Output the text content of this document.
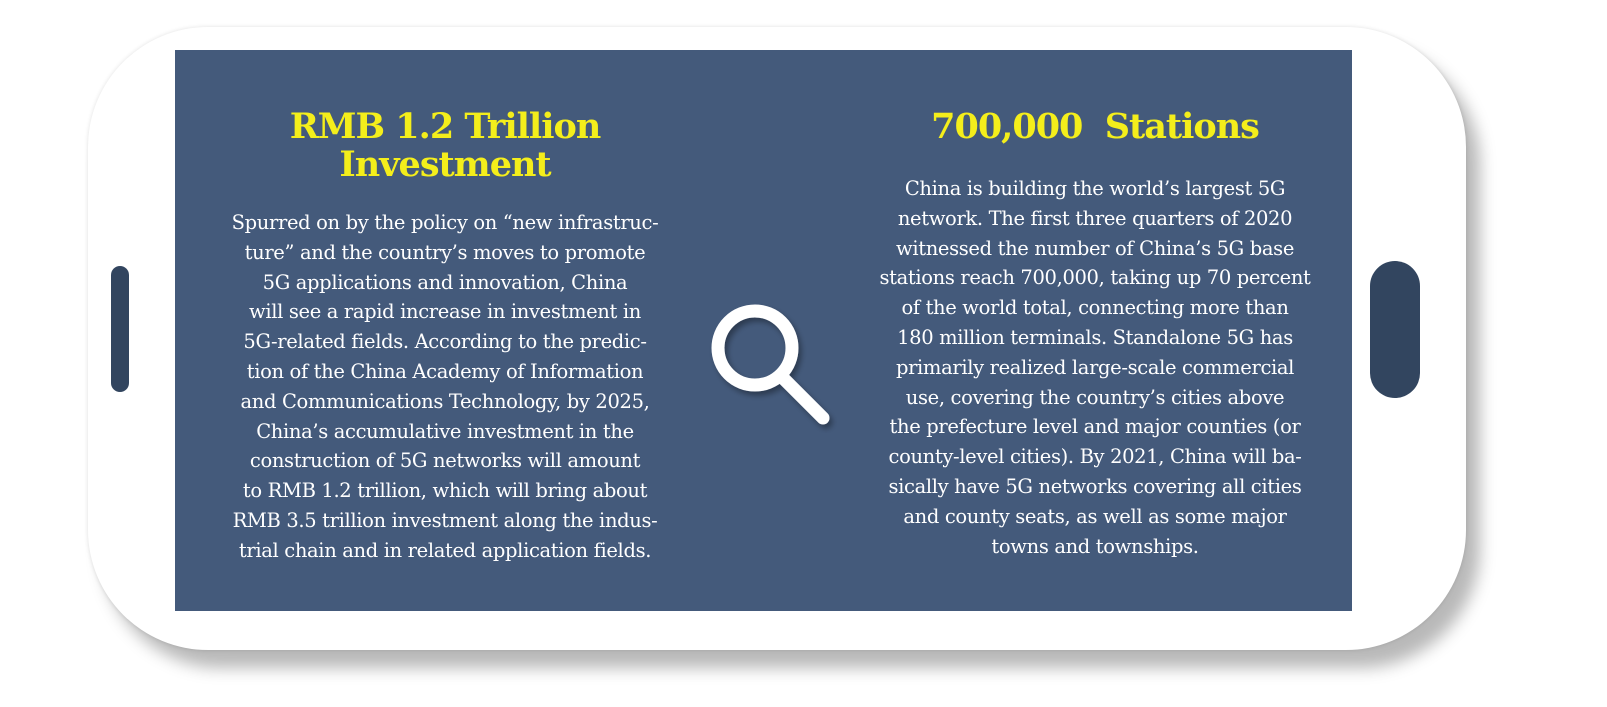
RMB 1.2 Trillion
Investment
Spurred on by the policy on “new infrastruc-
ture” and the country’s moves to promote
5G applications and innovation, China
will see a rapid increase in investment in
5G-related fields. According to the predic-
tion of the China Academy of Information
and Communications Technology, by 2025,
China’s accumulative investment in the
construction of 5G networks will amount
to RMB 1.2 trillion, which will bring about
RMB 3.5 trillion investment along the indus-
trial chain and in related application fields.
700,000  Stations
China is building the world’s largest 5G
network. The first three quarters of 2020
witnessed the number of China’s 5G base
stations reach 700,000, taking up 70 percent
of the world total, connecting more than
180 million terminals. Standalone 5G has
primarily realized large-scale commercial
use, covering the country’s cities above
the prefecture level and major counties (or
county-level cities). By 2021, China will ba-
sically have 5G networks covering all cities
and county seats, as well as some major
towns and townships.
